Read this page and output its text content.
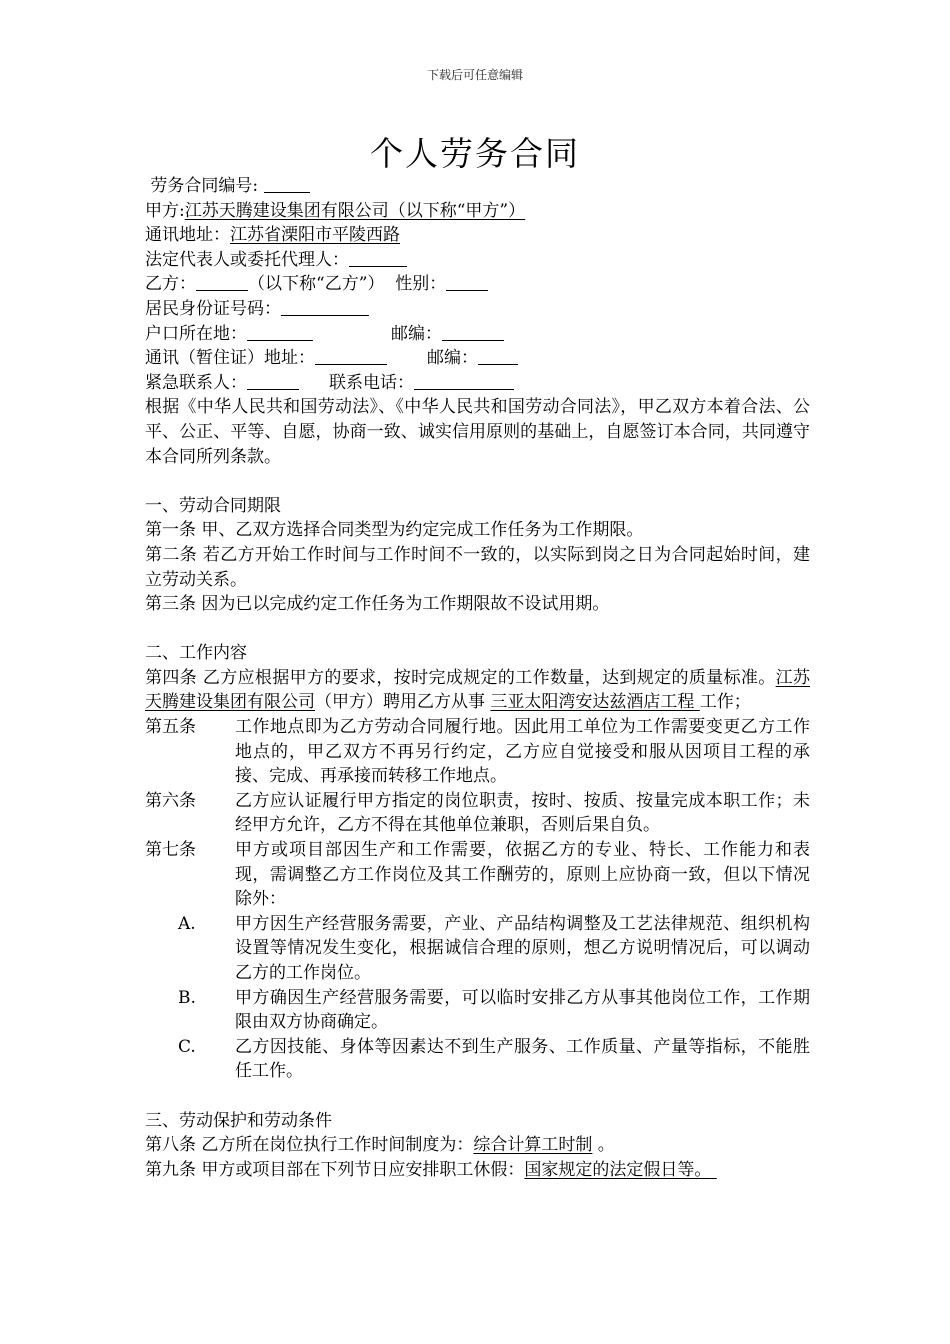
下载后可任意编辑
个人劳务合同
劳务合同编号:
甲方:江苏天腾建设集团有限公司（以下称“甲方”）
通讯地址：江苏省溧阳市平陵西路
法定代表人或委托代理人：
乙方：	（以下称“乙方”） 性别：
居民身份证号码：
户口所在地：	邮编：
通讯（暂住证）地址：	邮编：
紧急联系人：	联系电话：
根据《中华人民共和国劳动法》、《中华人民共和国劳动合同法》，甲乙双方本着合法、公平、公正、平等、自愿，协商一致、诚实信用原则的基础上，自愿签订本合同，共同遵守本合同所列条款。
一、劳动合同期限
第一条 甲、乙双方选择合同类型为约定完成工作任务为工作期限。
第二条 若乙方开始工作时间与工作时间不一致的，以实际到岗之日为合同起始时间，建立劳动关系。
第三条 因为已以完成约定工作任务为工作期限故不设试用期。
二、工作内容
第四条 乙方应根据甲方的要求，按时完成规定的工作数量，达到规定的质量标准。江苏天腾建设集团有限公司（甲方）聘用乙方从事 三亚太阳湾安达兹酒店工程 工作；
第五条	工作地点即为乙方劳动合同履行地。因此用工单位为工作需要变更乙方工作地点的，甲乙双方不再另行约定，乙方应自觉接受和服从因项目工程的承接、完成、再承接而转移工作地点。
第六条	乙方应认证履行甲方指定的岗位职责，按时、按质、按量完成本职工作；未经甲方允许，乙方不得在其他单位兼职，否则后果自负。
第七条	甲方或项目部因生产和工作需要，依据乙方的专业、特长、工作能力和表现，需调整乙方工作岗位及其工作酬劳的，原则上应协商一致，但以下情况除外：
A.	甲方因生产经营服务需要，产业、产品结构调整及工艺法律规范、组织机构设置等情况发生变化，根据诚信合理的原则，想乙方说明情况后，可以调动乙方的工作岗位。
B.	甲方确因生产经营服务需要，可以临时安排乙方从事其他岗位工作，工作期限由双方协商确定。
C.	乙方因技能、身体等因素达不到生产服务、工作质量、产量等指标，不能胜任工作。
三、劳动保护和劳动条件
第八条 乙方所在岗位执行工作时间制度为：综合计算工时制 。
第九条 甲方或项目部在下列节日应安排职工休假：国家规定的法定假日等。
